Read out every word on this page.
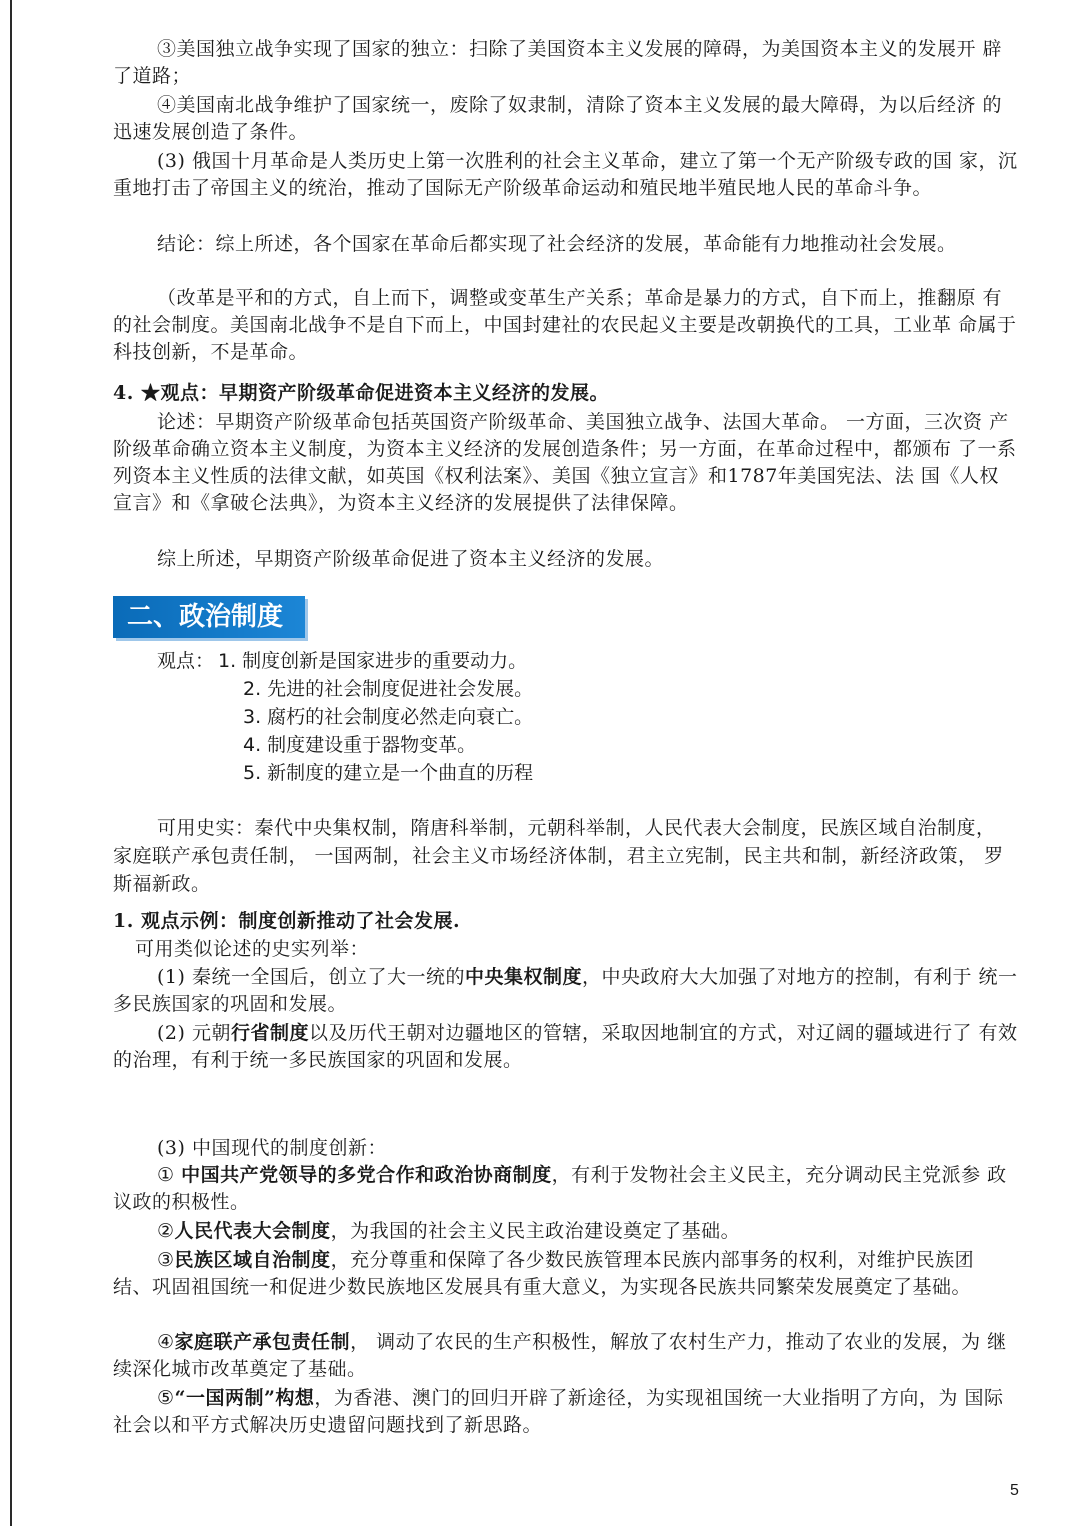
③美国独立战争实现了国家的独立：扫除了美国资本主义发展的障碍，为美国资本主义的发展开 辟了道路；
④美国南北战争维护了国家统一，废除了奴隶制，清除了资本主义发展的最大障碍，为以后经济 的迅速发展创造了条件。
(3) 俄国十月革命是人类历史上第一次胜利的社会主义革命，建立了第一个无产阶级专政的国 家，沉重地打击了帝国主义的统治，推动了国际无产阶级革命运动和殖民地半殖民地人民的革命斗争。
结论：综上所述，各个国家在革命后都实现了社会经济的发展，革命能有力地推动社会发展。
（改革是平和的方式，自上而下，调整或变革生产关系；革命是暴力的方式，自下而上，推翻原 有的社会制度。美国南北战争不是自下而上，中国封建社的农民起义主要是改朝换代的工具，工业革 命属于科技创新，不是革命。
4. ★观点：早期资产阶级革命促进资本主义经济的发展。
论述：早期资产阶级革命包括英国资产阶级革命、美国独立战争、法国大革命。 一方面，三次资 产阶级革命确立资本主义制度，为资本主义经济的发展创造条件；另一方面，在革命过程中，都颁布 了一系列资本主义性质的法律文献，如英国《权利法案》、美国《独立宣言》和1787年美国宪法、法 国《人权宣言》和《拿破仑法典》，为资本主义经济的发展提供了法律保障。
综上所述，早期资产阶级革命促进了资本主义经济的发展。
二、政治制度
观点： 1. 制度创新是国家进步的重要动力。
2. 先进的社会制度促进社会发展。
3. 腐朽的社会制度必然走向衰亡。
4. 制度建设重于器物变革。
5. 新制度的建立是一个曲直的历程
可用史实：秦代中央集权制，隋唐科举制，元朝科举制，人民代表大会制度，民族区域自治制度， 家庭联产承包责任制， 一国两制，社会主义市场经济体制，君主立宪制，民主共和制，新经济政策， 罗斯福新政。
1. 观点示例：制度创新推动了社会发展.
可用类似论述的史实列举：
(1) 秦统一全国后，创立了大一统的中央集权制度，中央政府大大加强了对地方的控制，有利于 统一多民族国家的巩固和发展。
(2) 元朝行省制度以及历代王朝对边疆地区的管辖，采取因地制宜的方式，对辽阔的疆域进行了 有效的治理，有利于统一多民族国家的巩固和发展。
(3) 中国现代的制度创新：
① 中国共产党领导的多党合作和政治协商制度，有利于发物社会主义民主，充分调动民主党派参 政议政的积极性。
②人民代表大会制度，为我国的社会主义民主政治建设奠定了基础。
③民族区域自治制度，充分尊重和保障了各少数民族管理本民族内部事务的权利，对维护民族团 结、巩固祖国统一和促进少数民族地区发展具有重大意义，为实现各民族共同繁荣发展奠定了基础。
④家庭联产承包责任制， 调动了农民的生产积极性，解放了农村生产力，推动了农业的发展，为 继续深化城市改革奠定了基础。
⑤“一国两制”构想，为香港、澳门的回归开辟了新途径，为实现祖国统一大业指明了方向，为 国际社会以和平方式解决历史遗留问题找到了新思路。
5
